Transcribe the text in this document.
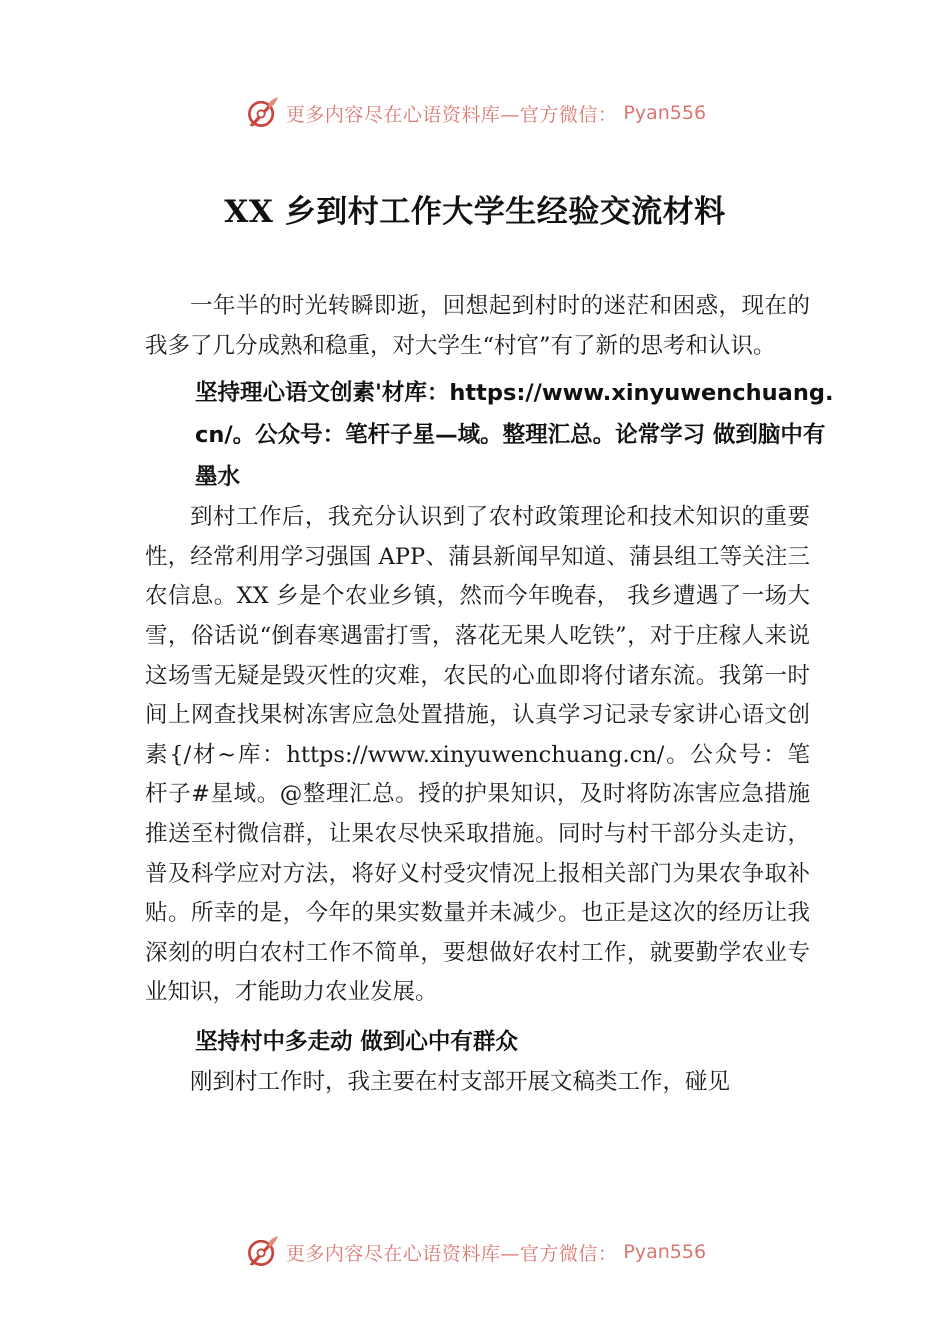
更多内容尽在心语资料库—官方微信： Pyan556
XX 乡到村工作大学生经验交流材料

一年半的时光转瞬即逝，回想起到村时的迷茫和困惑，现在的我多了几分成熟和稳重，对大学生“村官”有了新的思考和认识。

坚持理心语文创素'材库：https://www.xinyuwenchuang.cn/。公众号：笔杆子星—域。整理汇总。论常学习 做到脑中有墨水

到村工作后，我充分认识到了农村政策理论和技术知识的重要性，经常利用学习强国 APP、蒲县新闻早知道、蒲县组工等关注三农信息。XX 乡是个农业乡镇，然而今年晚春， 我乡遭遇了一场大雪，俗话说“倒春寒遇雷打雪，落花无果人吃铁”，对于庄稼人来说这场雪无疑是毁灭性的灾难，农民的心血即将付诸东流。我第一时间上网查找果树冻害应急处置措施，认真学习记录专家讲心语文创素{/材~库：https://www.xinyuwenchuang.cn/。公众号：笔杆子#星域。@整理汇总。授的护果知识，及时将防冻害应急措施推送至村微信群，让果农尽快采取措施。同时与村干部分头走访，普及科学应对方法，将好义村受灾情况上报相关部门为果农争取补贴。所幸的是，今年的果实数量并未减少。也正是这次的经历让我深刻的明白农村工作不简单，要想做好农村工作，就要勤学农业专业知识，才能助力农业发展。

坚持村中多走动 做到心中有群众

刚到村工作时，我主要在村支部开展文稿类工作，碰见

更多内容尽在心语资料库—官方微信： Pyan556
